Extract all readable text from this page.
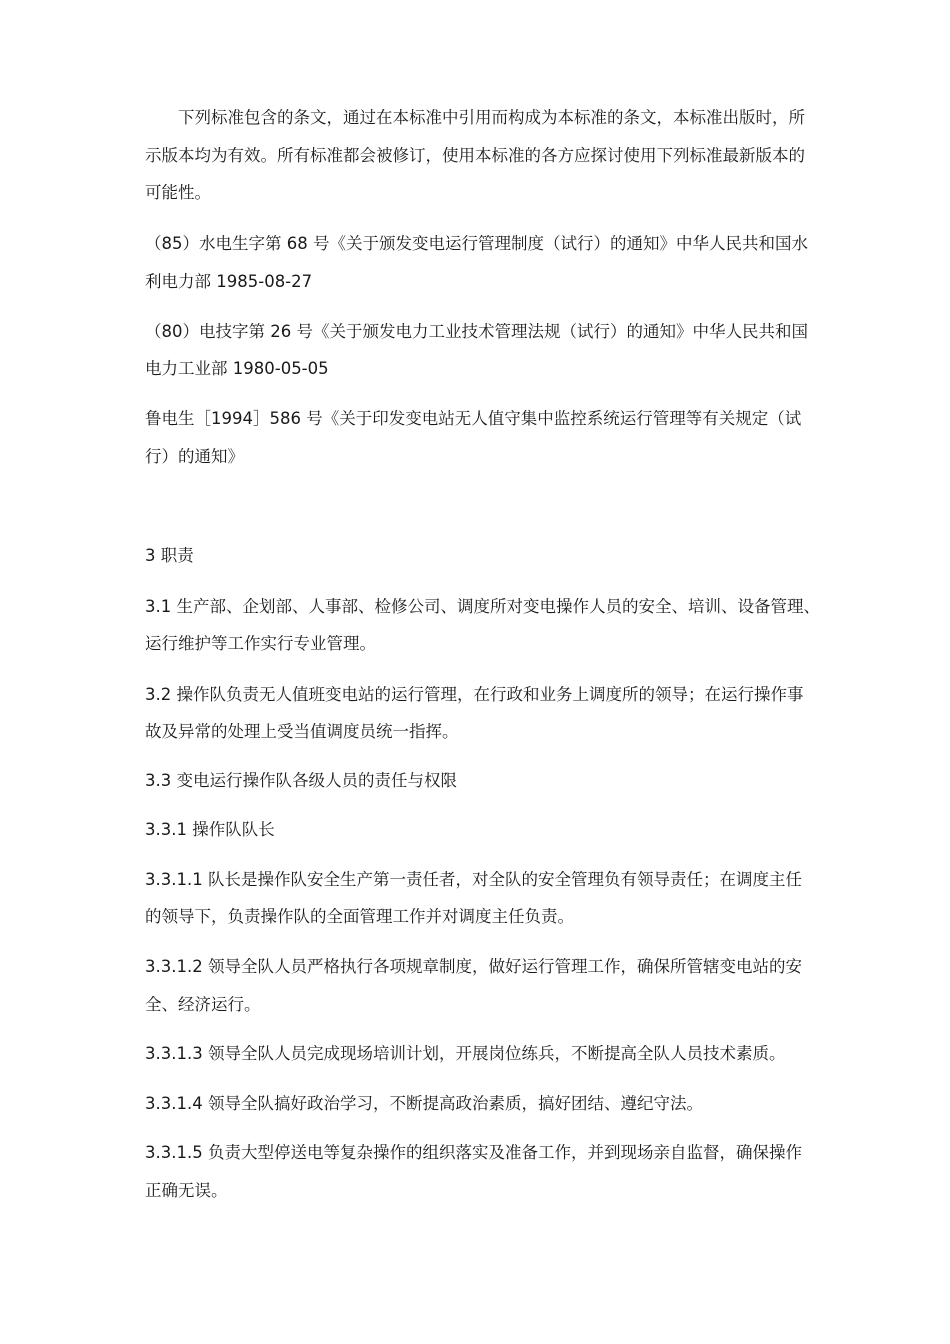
下列标准包含的条文，通过在本标准中引用而构成为本标准的条文，本标准出版时，所
示版本均为有效。所有标准都会被修订，使用本标准的各方应探讨使用下列标准最新版本的
可能性。
（85）水电生字第 68 号《关于颁发变电运行管理制度（试行）的通知》中华人民共和国水
利电力部 1985-08-27
（80）电技字第 26 号《关于颁发电力工业技术管理法规（试行）的通知》中华人民共和国
电力工业部 1980-05-05
鲁电生［1994］586 号《关于印发变电站无人值守集中监控系统运行管理等有关规定（试
行）的通知》
3 职责
3.1 生产部、企划部、人事部、检修公司、调度所对变电操作人员的安全、培训、设备管理、
运行维护等工作实行专业管理。
3.2 操作队负责无人值班变电站的运行管理，在行政和业务上调度所的领导；在运行操作事
故及异常的处理上受当值调度员统一指挥。
3.3 变电运行操作队各级人员的责任与权限
3.3.1 操作队队长
3.3.1.1 队长是操作队安全生产第一责任者，对全队的安全管理负有领导责任；在调度主任
的领导下，负责操作队的全面管理工作并对调度主任负责。
3.3.1.2 领导全队人员严格执行各项规章制度，做好运行管理工作，确保所管辖变电站的安
全、经济运行。
3.3.1.3 领导全队人员完成现场培训计划，开展岗位练兵，不断提高全队人员技术素质。
3.3.1.4 领导全队搞好政治学习，不断提高政治素质，搞好团结、遵纪守法。
3.3.1.5 负责大型停送电等复杂操作的组织落实及准备工作，并到现场亲自监督，确保操作
正确无误。
